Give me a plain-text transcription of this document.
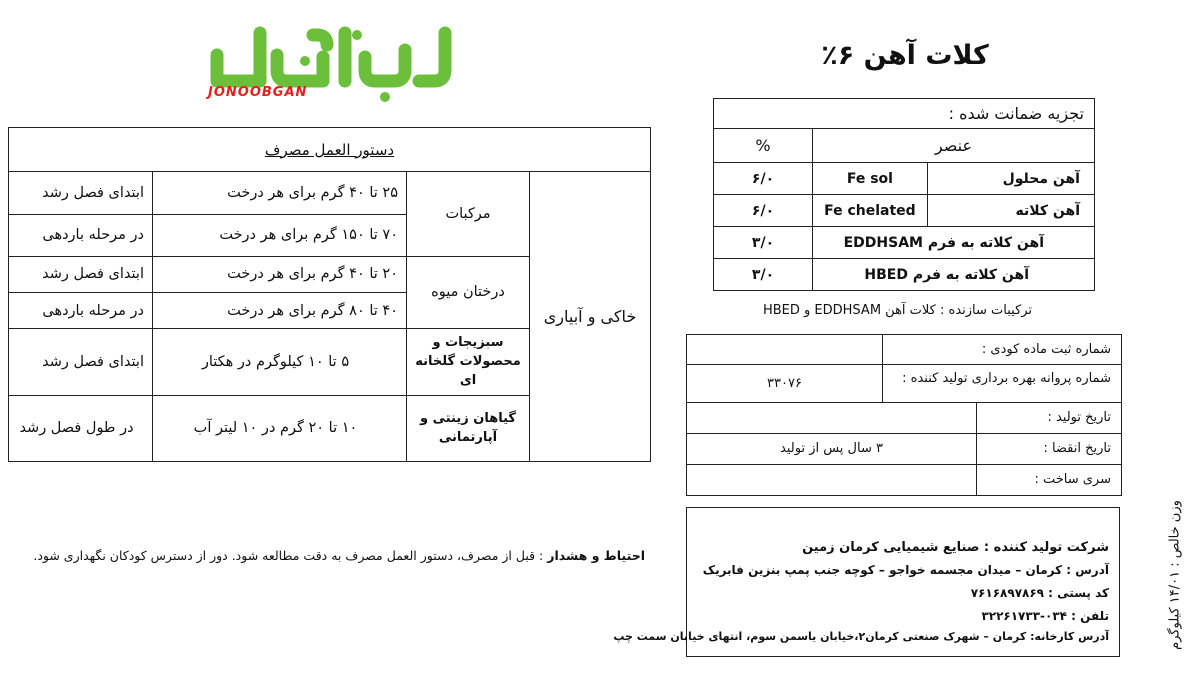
JONOOBGAN
کلات آهن ۶٪
تجزیه ضمانت شده :		
عنصر		%
آهن محلول	Fe sol	۶/۰
آهن کلاته	Fe chelated	۶/۰
آهن کلاته به فرم EDDHSAM		۳/۰
آهن کلاته به فرم HBED		۳/۰
ترکیبات سازنده : کلات آهن EDDHSAM و HBED
شماره ثبت ماده کودی :	
شماره پروانه بهره برداری تولید کننده :	۳۳۰۷۶

تاریخ تولید :	

تاریخ انقضا :
۳ سال پس از تولید	

سری ساخت :	
شرکت تولید کننده : صنایع شیمیایی کرمان زمین
آدرس : کرمان – میدان مجسمه خواجو – کوچه جنب پمپ بنزین فابریک
کد پستی : ۷۶۱۶۸۹۷۸۶۹
تلفن : ۰۳۴-۳۲۲۶۱۷۳۳
آدرس کارخانه: کرمان – شهرک صنعتی کرمان۲،خیابان یاسمن سوم، انتهای خیابان سمت چپ	وزن خالص : ۱۴/۰۱ کیلوگرم
دستور العمل مصرف			
خاکی و آبیاری	مرکبات	۲۵ تا ۴۰ گرم برای هر درخت	ابتدای فصل رشد
		۷۰ تا ۱۵۰ گرم برای هر درخت	در مرحله باردهی
	درختان میوه	۲۰ تا ۴۰ گرم برای هر درخت	ابتدای فصل رشد
		۴۰ تا ۸۰ گرم برای هر درخت	در مرحله باردهی
	سبزیجات و محصولات گلخانه ای	۵ تا ۱۰ کیلوگرم در هکتار	ابتدای فصل رشد
	گیاهان زینتی و آپارتمانی	۱۰ تا ۲۰ گرم در ۱۰ لیتر آب	در طول فصل رشد
احتیاط و هشدار : قبل از مصرف، دستور العمل مصرف به دقت مطالعه شود. دور از دسترس کودکان نگهداری شود.
